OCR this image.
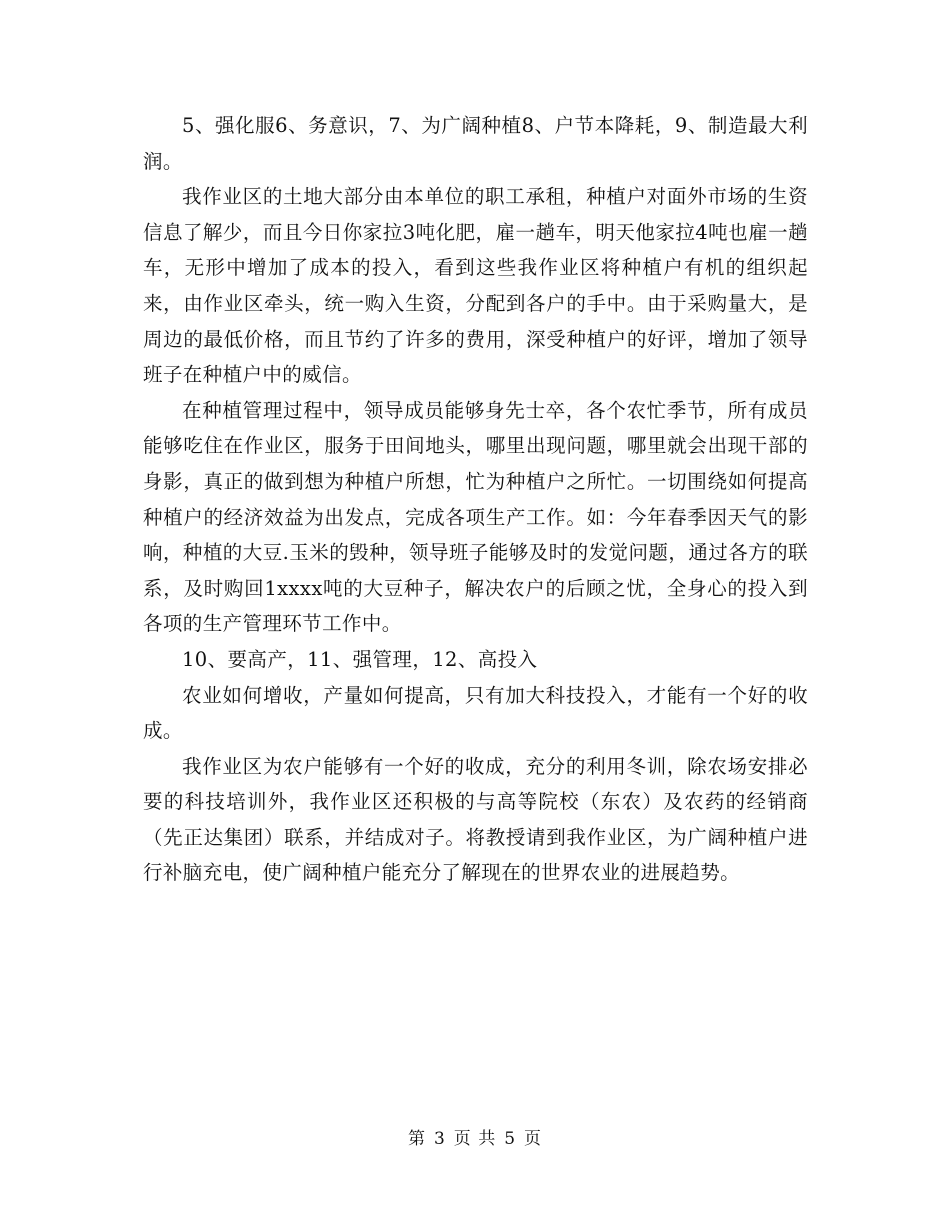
5、强化服6、务意识，7、为广阔种植8、户节本降耗，9、制造最大利润。

我作业区的土地大部分由本单位的职工承租，种植户对面外市场的生资信息了解少，而且今日你家拉3吨化肥，雇一趟车，明天他家拉4吨也雇一趟车，无形中增加了成本的投入，看到这些我作业区将种植户有机的组织起来，由作业区牵头，统一购入生资，分配到各户的手中。由于采购量大，是周边的最低价格，而且节约了许多的费用，深受种植户的好评，增加了领导班子在种植户中的威信。

在种植管理过程中，领导成员能够身先士卒，各个农忙季节，所有成员能够吃住在作业区，服务于田间地头，哪里出现问题，哪里就会出现干部的身影，真正的做到想为种植户所想，忙为种植户之所忙。一切围绕如何提高种植户的经济效益为出发点，完成各项生产工作。如：今年春季因天气的影响，种植的大豆.玉米的毁种，领导班子能够及时的发觉问题，通过各方的联系，及时购回1xxxx吨的大豆种子，解决农户的后顾之忧，全身心的投入到各项的生产管理环节工作中。

10、要高产，11、强管理，12、高投入

农业如何增收，产量如何提高，只有加大科技投入，才能有一个好的收成。

我作业区为农户能够有一个好的收成，充分的利用冬训，除农场安排必要的科技培训外，我作业区还积极的与高等院校（东农）及农药的经销商（先正达集团）联系，并结成对子。将教授请到我作业区，为广阔种植户进行补脑充电，使广阔种植户能充分了解现在的世界农业的进展趋势。

第 3 页 共 5 页
